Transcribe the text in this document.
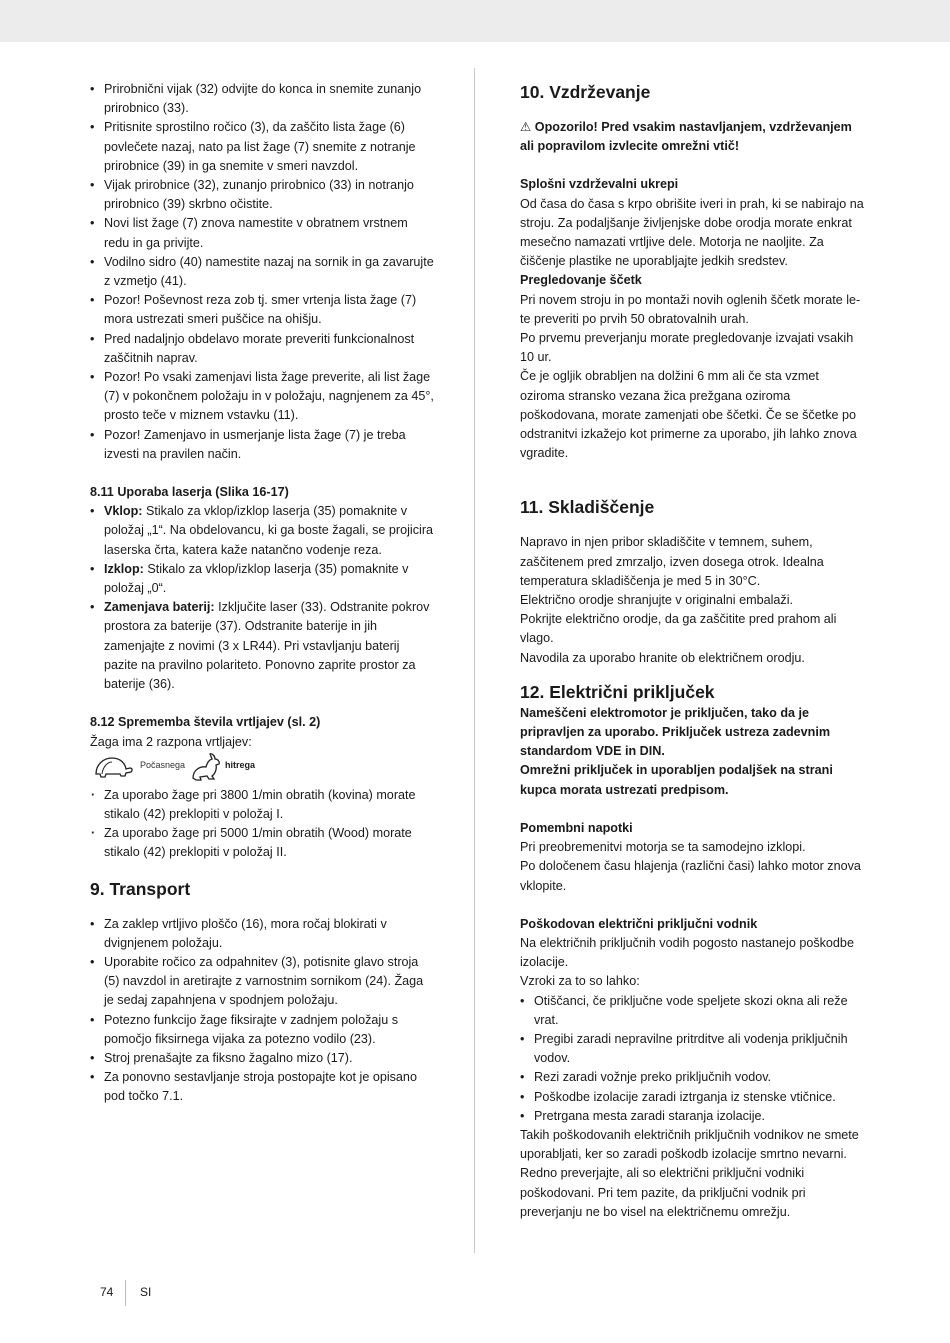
• Prirobnični vijak (32) odvijte do konca in snemite zunanjo prirobnico (33).
• Pritisnite sprostilno ročico (3), da zaščito lista žage (6) povlečete nazaj, nato pa list žage (7) snemite z notranje prirobnice (39) in ga snemite v smeri navzdol.
• Vijak prirobnice (32), zunanjo prirobnico (33) in notranjo prirobnico (39) skrbno očistite.
• Novi list žage (7) znova namestite v obratnem vrstnem redu in ga privijte.
• Vodilno sidro (40) namestite nazaj na sornik in ga zavarujte z vzmetjo (41).
• Pozor! Poševnost reza zob tj. smer vrtenja lista žage (7) mora ustrezati smeri puščice na ohišju.
• Pred nadaljnjo obdelavo morate preveriti funkcionalnost zaščitnih naprav.
• Pozor! Po vsaki zamenjavi lista žage preverite, ali list žage (7) v pokončnem položaju in v položaju, nagnjenem za 45°, prosto teče v miznem vstavku (11).
• Pozor! Zamenjavo in usmerjanje lista žage (7) je treba izvesti na pravilen način.
8.11 Uporaba laserja (Slika 16-17)
• Vklop: Stikalo za vklop/izklop laserja (35) pomaknite v položaj „1“. Na obdelovancu, ki ga boste žagali, se projicira laserska črta, katera kaže natančno vodenje reza.
• Izklop: Stikalo za vklop/izklop laserja (35) pomaknite v položaj „0“.
• Zamenjava baterij: Izključite laser (33). Odstranite pokrov prostora za baterije (37). Odstranite baterije in jih zamenjajte z novimi (3 x LR44). Pri vstavljanju baterij pazite na pravilno polariteto. Ponovno zaprite prostor za baterije (36).
8.12 Sprememba števila vrtljajev (sl. 2)

Žaga ima 2 razpona vrtljajev:

Počasnega	hitrega
· Za uporabo žage pri 3800 1/min obratih (kovina) morate stikalo (42) preklopiti v položaj I.
· Za uporabo žage pri 5000 1/min obratih (Wood) morate stikalo (42) preklopiti v položaj II.
9. Transport
• Za zaklep vrtljivo ploščo (16), mora ročaj blokirati v dvignjenem položaju.
• Uporabite ročico za odpahnitev (3), potisnite glavo stroja (5) navzdol in aretirajte z varnostnim sornikom (24). Žaga je sedaj zapahnjena v spodnjem položaju.
• Potezno funkcijo žage fiksirajte v zadnjem položaju s pomočjo fiksirnega vijaka za potezno vodilo (23).
• Stroj prenašajte za fiksno žagalno mizo (17).
• Za ponovno sestavljanje stroja postopajte kot je opisano pod točko 7.1.
10. Vzdrževanje

⚠ Opozorilo! Pred vsakim nastavljanjem, vzdrževanjem ali popravilom izvlecite omrežni vtič!

Splošni vzdrževalni ukrepi

Od časa do časa s krpo obrišite iveri in prah, ki se nabirajo na stroju. Za podaljšanje življenjske dobe orodja morate enkrat mesečno namazati vrtljive dele. Motorja ne naoljite. Za čiščenje plastike ne uporabljajte jedkih sredstev.

Pregledovanje ščetk

Pri novem stroju in po montaži novih oglenih ščetk morate le-te preveriti po prvih 50 obratovalnih urah.

Po prvemu preverjanju morate pregledovanje izvajati vsakih 10 ur.

Če je ogljik obrabljen na dolžini 6 mm ali če sta vzmet oziroma stransko vezana žica prežgana oziroma poškodovana, morate zamenjati obe ščetki. Če se ščetke po odstranitvi izkažejo kot primerne za uporabo, jih lahko znova vgradite.

11. Skladiščenje

Napravo in njen pribor skladiščite v temnem, suhem, zaščitenem pred zmrzaljo, izven dosega otrok. Idealna temperatura skladiščenja je med 5 in 30°C.

Električno orodje shranjujte v originalni embalaži.

Pokrijte električno orodje, da ga zaščitite pred prahom ali vlago.

Navodila za uporabo hranite ob električnem orodju.

12. Električni priključek

Nameščeni elektromotor je priključen, tako da je pripravljen za uporabo. Priključek ustreza zadevnim standardom VDE in DIN.

Omrežni priključek in uporabljen podaljšek na strani kupca morata ustrezati predpisom.

Pomembni napotki

Pri preobremenitvi motorja se ta samodejno izklopi.

Po določenem času hlajenja (različni časi) lahko motor znova vklopite.

Poškodovan električni priključni vodnik

Na električnih priključnih vodih pogosto nastanejo poškodbe izolacije.

Vzroki za to so lahko:

• Otiščanci, če priključne vode speljete skozi okna ali reže vrat.
• Pregibi zaradi nepravilne pritrditve ali vodenja priključnih vodov.
• Rezi zaradi vožnje preko priključnih vodov.
• Poškodbe izolacije zaradi iztrganja iz stenske vtičnice.
• Pretrgana mesta zaradi staranja izolacije.

Takih poškodovanih električnih priključnih vodnikov ne smete uporabljati, ker so zaradi poškodb izolacije smrtno nevarni.

Redno preverjajte, ali so električni priključni vodniki poškodovani. Pri tem pazite, da priključni vodnik pri preverjanju ne bo visel na električnemu omrežju.

74 SI
